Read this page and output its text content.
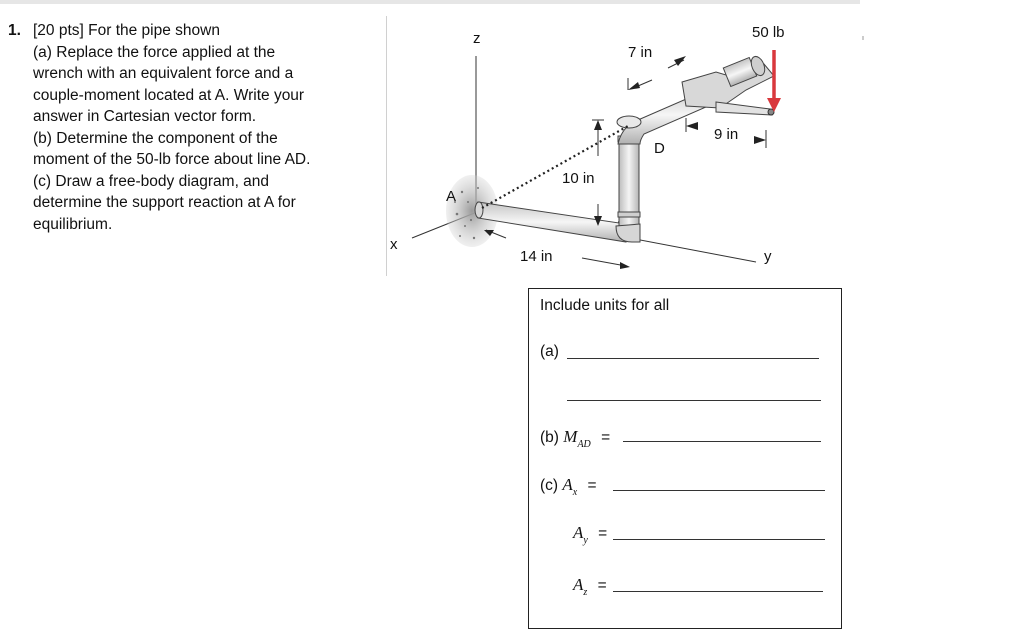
1. [20 pts] For the pipe shown
(a) Replace the force applied at the
wrench with an equivalent force and a
couple-moment located at A. Write your
answer in Cartesian vector form.
(b) Determine the component of the
moment of the 50-lb force about line AD.
(c) Draw a free-body diagram, and
determine the support reaction at A for
equilibrium.
z
x
y
50 lb
7 in
9 in
10 in
14 in
A
D
Include units for all
(a)
(b) $M_{AD}$ =
(c) $A_x$ =
$A_y$ =
$A_z$ =
